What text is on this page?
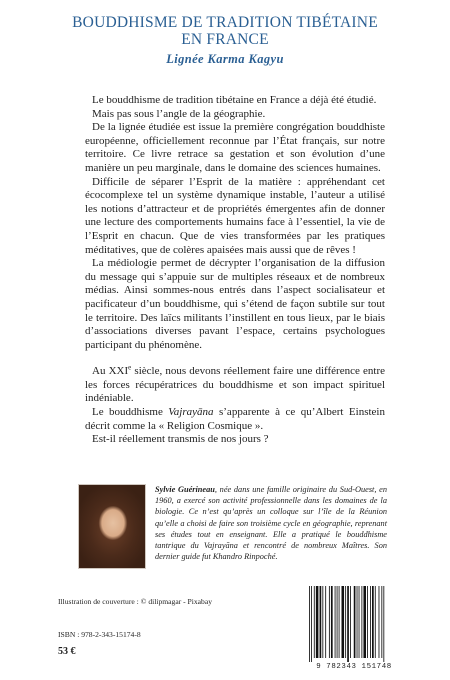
BOUDDHISME DE TRADITION TIBÉTAINE
EN FRANCE
Lignée Karma Kagyu

Le bouddhisme de tradition tibétaine en France a déjà été étudié.

Mais pas sous l’angle de la géographie.

De la lignée étudiée est issue la première congrégation bouddhiste européenne, officiellement reconnue par l’État français, sur notre territoire. Ce livre retrace sa gestation et son évolution d’une manière un peu marginale, dans le domaine des sciences humaines.

Difficile de séparer l’Esprit de la matière : appréhendant cet écocomplexe tel un système dynamique instable, l’auteur a utilisé les notions d’attracteur et de propriétés émergentes afin de donner une lecture des comportements humains face à l’essentiel, la vie de l’Esprit en chacun. Que de vies transformées par les pratiques méditatives, que de colères apaisées mais aussi que de rêves !

La médiologie permet de décrypter l’organisation de la diffusion du message qui s’appuie sur de multiples réseaux et de nombreux médias. Ainsi sommes-nous entrés dans l’aspect socialisateur et pacificateur d’un bouddhisme, qui s’étend de façon subtile sur tout le territoire. Des laïcs militants l’instillent en tous lieux, par le biais d’associations diverses pavant l’espace, certains psychologues participant du phénomène.

Au XXIe siècle, nous devons réellement faire une différence entre les forces récupératrices du bouddhisme et son impact spirituel indéniable.

Le bouddhisme Vajrayāna s’apparente à ce qu’Albert Einstein décrit comme la « Religion Cosmique ».

Est-il réellement transmis de nos jours ?

Sylvie Guérineau, née dans une famille originaire du Sud-Ouest, en 1960, a exercé son activité professionnelle dans les domaines de la biologie. Ce n’est qu’après un colloque sur l’île de la Réunion qu’elle a choisi de faire son troisième cycle en géographie, reprenant ses études tout en enseignant. Elle a pratiqué le bouddhisme tantrique du Vajrayāna et rencontré de nombreux Maîtres. Son dernier guide fut Khandro Rinpoché.
Illustration de couverture : © dilipmagar - Pixabay
ISBN : 978-2-343-15174-8
53 €
9 782343 151748
